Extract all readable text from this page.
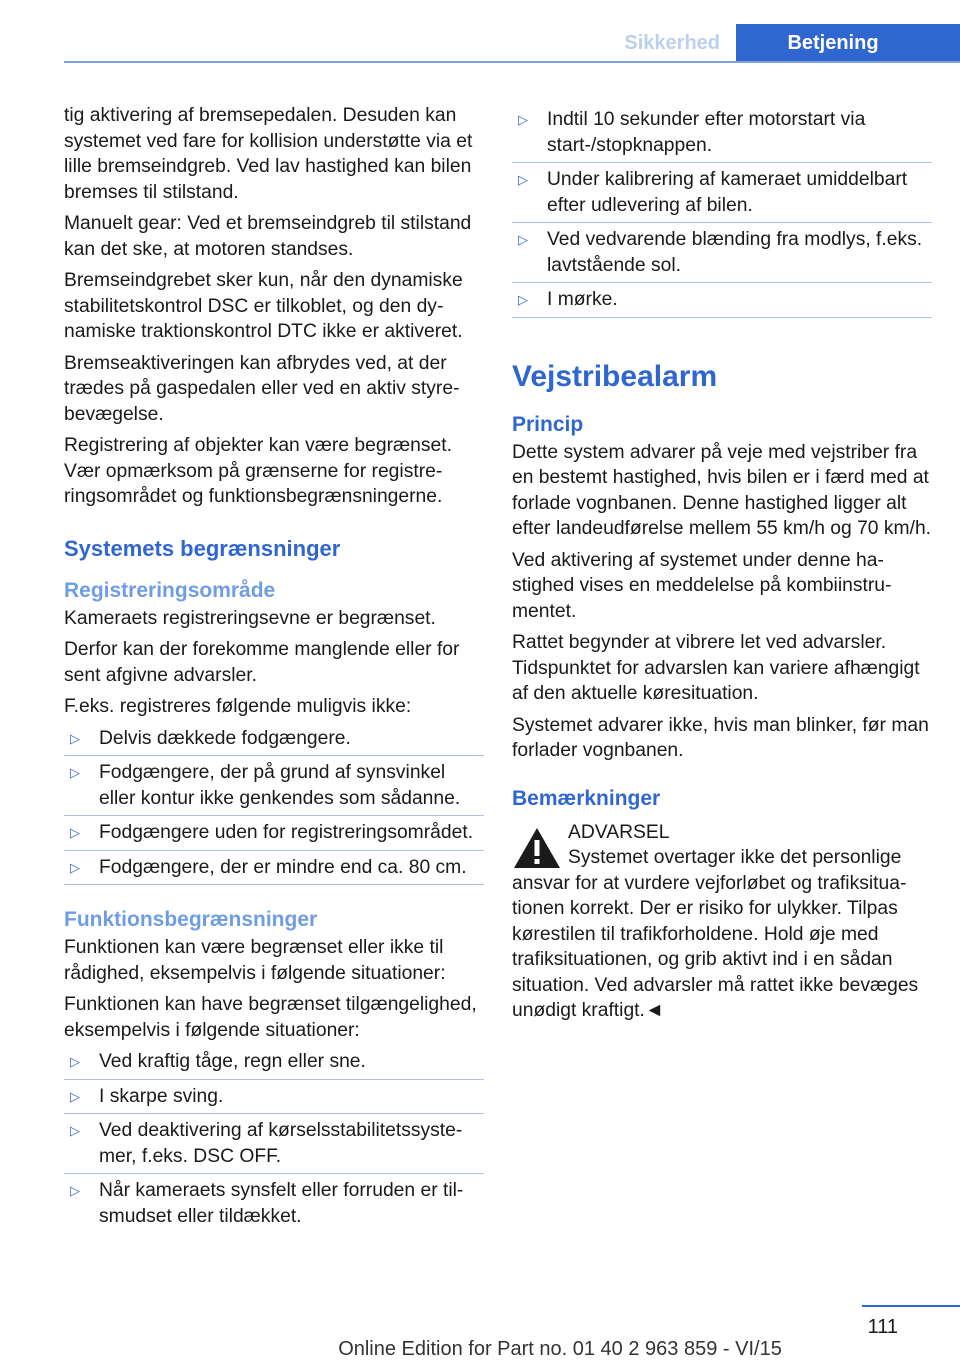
Sikkerhed	Betjening

tig aktivering af bremsepedalen. Desuden kan systemet ved fare for kollision understøtte via et lille bremseindgreb. Ved lav hastighed kan bilen bremses til stilstand.

Manuelt gear: Ved et bremseindgreb til stilstand kan det ske, at motoren standses.

Bremseindgrebet sker kun, når den dynamiske stabilitetskontrol DSC er tilkoblet, og den dynamiske traktionskontrol DTC ikke er aktiveret.

Bremseaktiveringen kan afbrydes ved, at der trædes på gaspedalen eller ved en aktiv styrebevægelse.

Registrering af objekter kan være begrænset. Vær opmærksom på grænserne for registreringsområdet og funktionsbegrænsningerne.

Systemets begrænsninger
Registreringsområde

Kameraets registreringsevne er begrænset.

Derfor kan der forekomme manglende eller for sent afgivne advarsler.

F.eks. registreres følgende muligvis ikke:

▷ Delvis dækkede fodgængere.
▷ Fodgængere, der på grund af synsvinkel eller kontur ikke genkendes som sådanne.
▷ Fodgængere uden for registreringsområdet.
▷ Fodgængere, der er mindre end ca. 80 cm.
Funktionsbegrænsninger

Funktionen kan være begrænset eller ikke til rådighed, eksempelvis i følgende situationer:

Funktionen kan have begrænset tilgængelighed, eksempelvis i følgende situationer:

▷ Ved kraftig tåge, regn eller sne.
▷ I skarpe sving.
▷ Ved deaktivering af kørselsstabilitetssystemer, f.eks. DSC OFF.
▷ Når kameraets synsfelt eller forruden er tilsmudset eller tildækket.
▷ Indtil 10 sekunder efter motorstart via start-/stopknappen.
▷ Under kalibrering af kameraet umiddelbart efter udlevering af bilen.
▷ Ved vedvarende blænding fra modlys, f.eks. lavtstående sol.
▷ I mørke.
Vejstribealarm
Princip

Dette system advarer på veje med vejstriber fra en bestemt hastighed, hvis bilen er i færd med at forlade vognbanen. Denne hastighed ligger alt efter landeudførelse mellem 55 km/h og 70 km/h.

Ved aktivering af systemet under denne hastighed vises en meddelelse på kombiinstrumentet.

Rattet begynder at vibrere let ved advarsler. Tidspunktet for advarslen kan variere afhængigt af den aktuelle køresituation.

Systemet advarer ikke, hvis man blinker, før man forlader vognbanen.

Bemærkninger
ADVARSEL

Systemet overtager ikke det personlige ansvar for at vurdere vejforløbet og trafiksituationen korrekt. Der er risiko for ulykker. Tilpas kørestilen til trafikforholdene. Hold øje med trafiksituationen, og grib aktivt ind i en sådan situation. Ved advarsler må rattet ikke bevæges unødigt kraftigt.◄

111
Online Edition for Part no. 01 40 2 963 859 - VI/15
